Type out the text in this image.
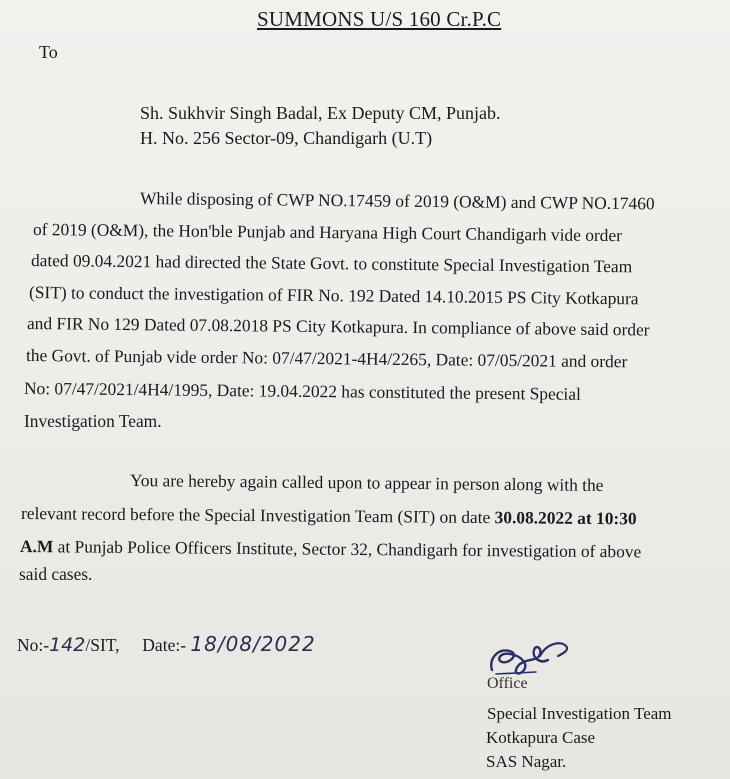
SUMMONS U/S 160 Cr.P.C
To
Sh. Sukhvir Singh Badal, Ex Deputy CM, Punjab.
H. No. 256 Sector-09, Chandigarh (U.T)
While disposing of CWP NO.17459 of 2019 (O&M) and CWP NO.17460
of 2019 (O&M), the Hon'ble Punjab and Haryana High Court Chandigarh vide order
dated 09.04.2021 had directed the State Govt. to constitute Special Investigation Team
(SIT) to conduct the investigation of FIR No. 192 Dated 14.10.2015 PS City Kotkapura
and FIR No 129 Dated 07.08.2018 PS City Kotkapura. In compliance of above said order
the Govt. of Punjab vide order No: 07/47/2021-4H4/2265, Date: 07/05/2021 and order
No: 07/47/2021/4H4/1995, Date: 19.04.2022 has constituted the present Special
Investigation Team.
You are hereby again called upon to appear in person along with the
relevant record before the Special Investigation Team (SIT) on date 30.08.2022 at 10:30
A.M at Punjab Police Officers Institute, Sector 32, Chandigarh for investigation of above
said cases.
No:-142/SIT, Date:- 18/08/2022
Office
Special Investigation Team
Kotkapura Case
SAS Nagar.
